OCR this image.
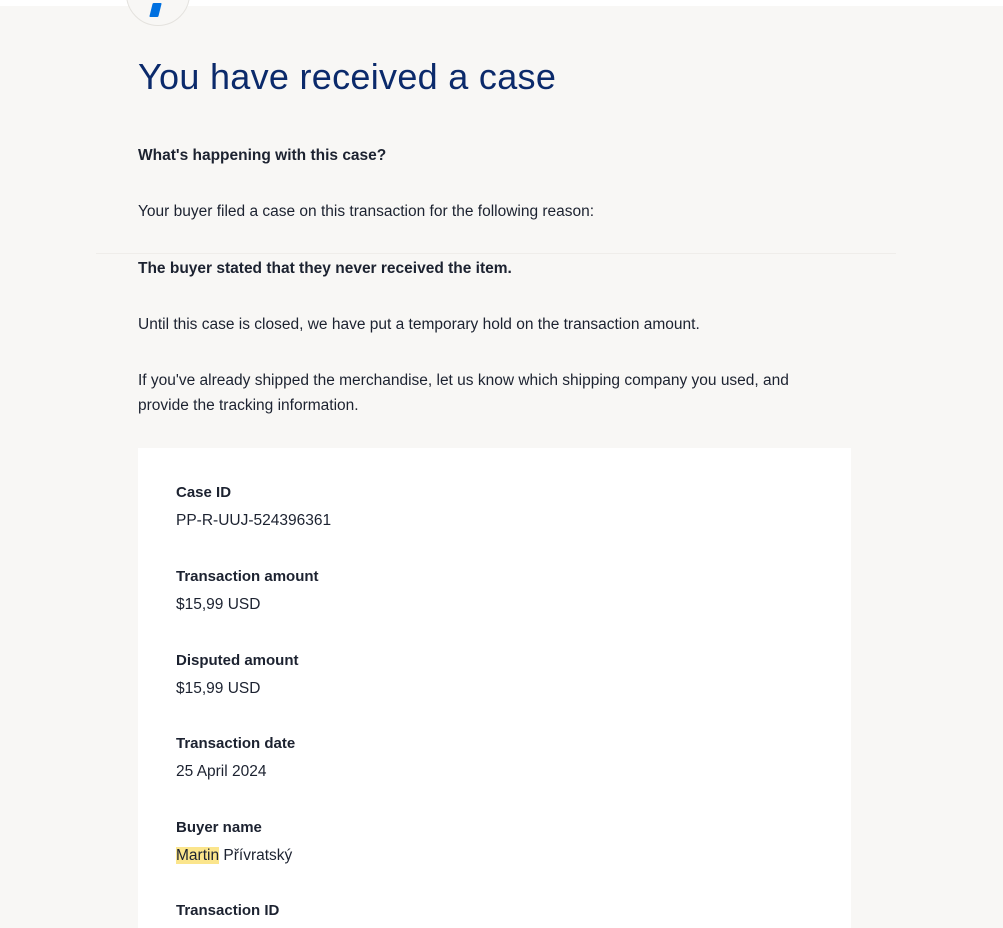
You have received a case

What's happening with this case?

Your buyer filed a case on this transaction for the following reason:

The buyer stated that they never received the item.

Until this case is closed, we have put a temporary hold on the transaction amount.

If you've already shipped the merchandise, let us know which shipping company you used, and
provide the tracking information.

Case ID
PP-R-UUJ-524396361
Transaction amount
$15,99 USD
Disputed amount
$15,99 USD
Transaction date
25 April 2024
Buyer name
Martin Přívratský
Transaction ID
